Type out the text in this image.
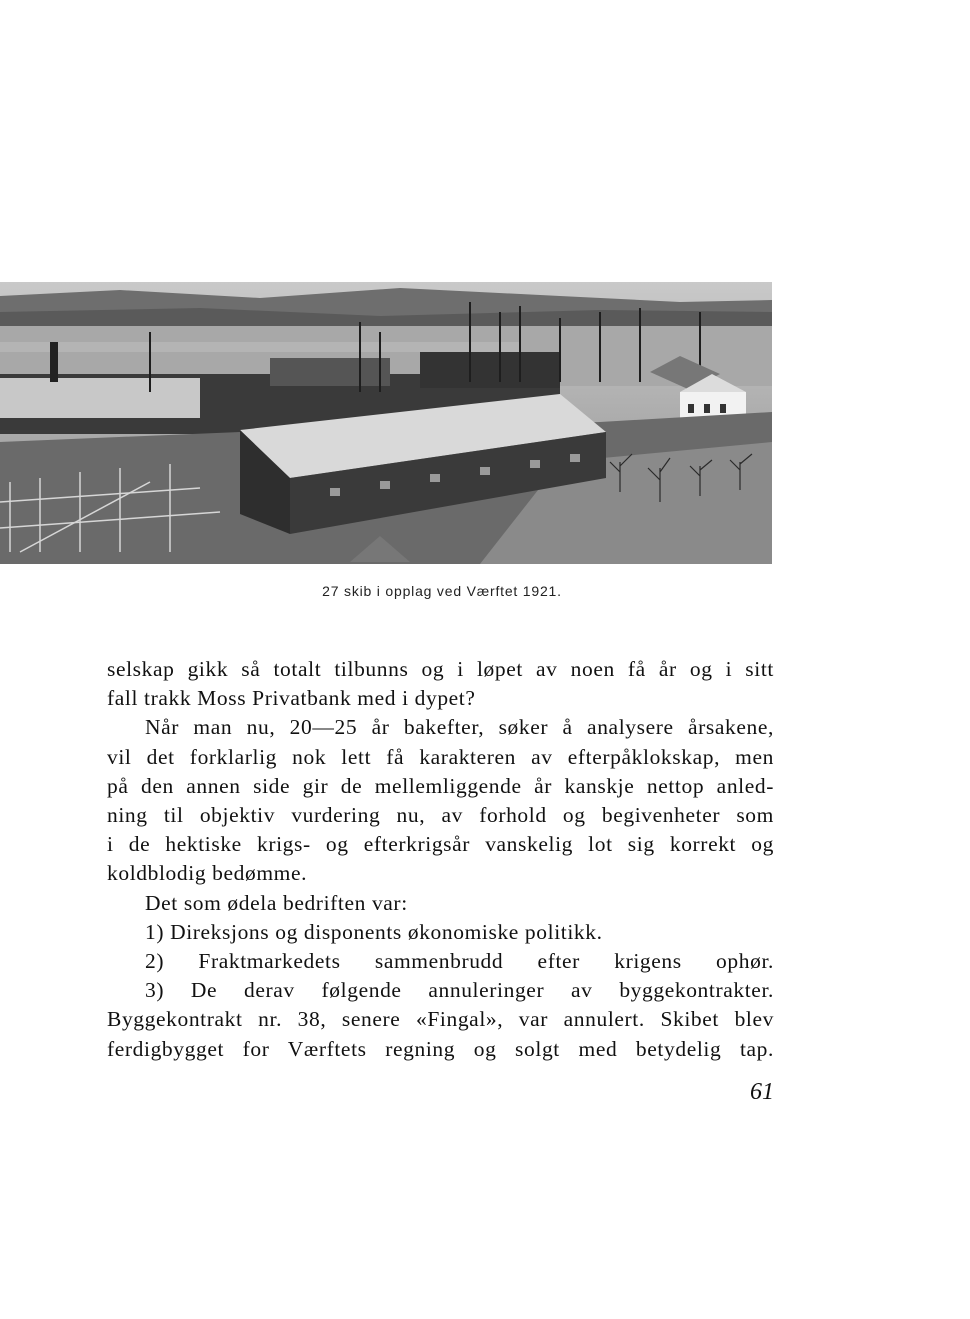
27 skib i opplag ved Værftet 1921.
selskap gikk så totalt tilbunns og i løpet av noen få år og i sitt
fall trakk Moss Privatbank med i dypet?
Når man nu, 20—25 år bakefter, søker å analysere årsakene,
vil det forklarlig nok lett få karakteren av efterpåklokskap, men
på den annen side gir de mellemliggende år kanskje nettop anled-
ning til objektiv vurdering nu, av forhold og begivenheter som
i de hektiske krigs- og efterkrigsår vanskelig lot sig korrekt og
koldblodig bedømme.
Det som ødela bedriften var:
1) Direksjons og disponents økonomiske politikk.
2) Fraktmarkedets sammenbrudd efter krigens ophør.
3) De derav følgende annuleringer av byggekontrakter.
Byggekontrakt nr. 38, senere «Fingal», var annulert. Skibet blev
ferdigbygget for Værftets regning og solgt med betydelig tap.
61
